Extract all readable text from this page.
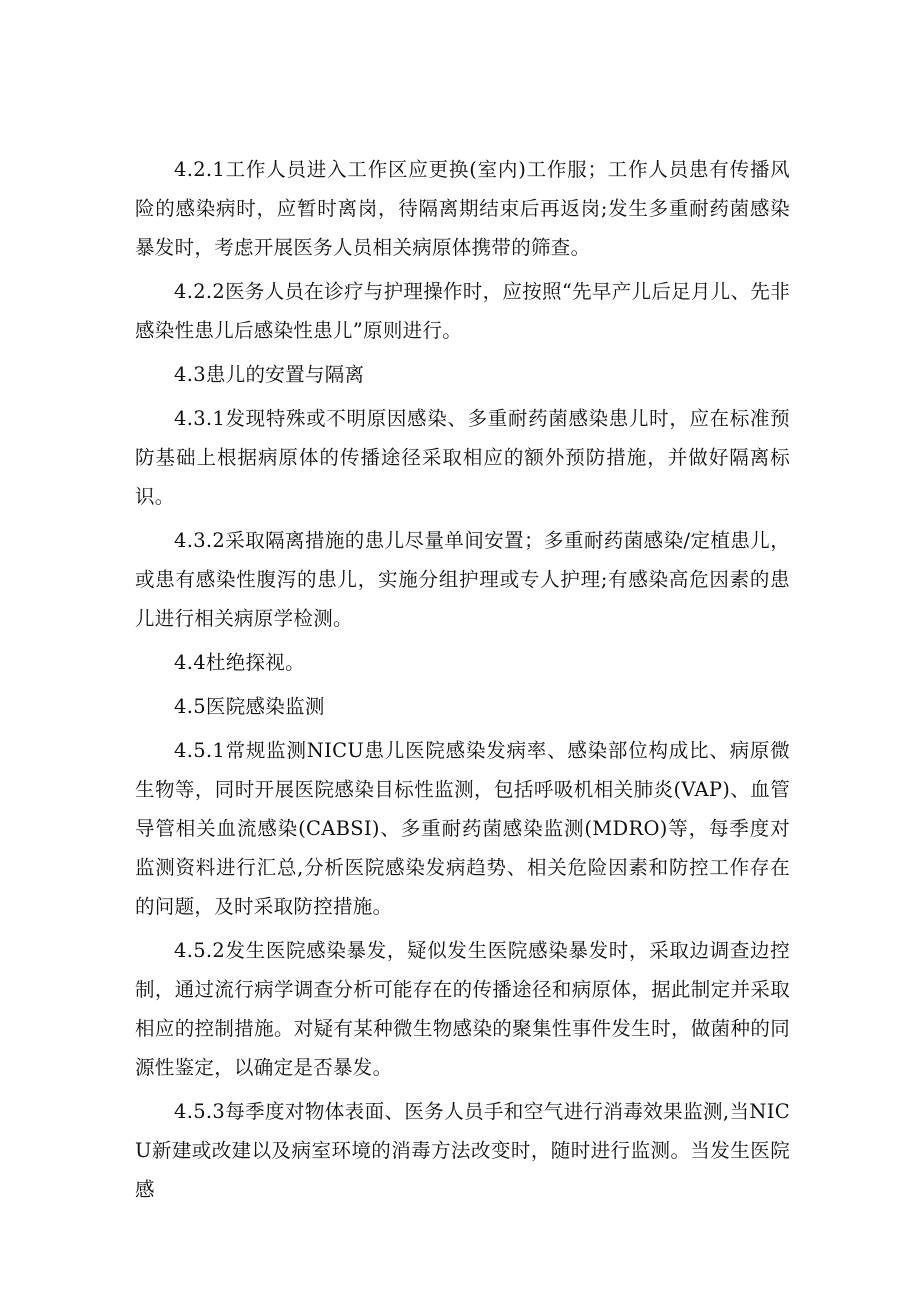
4.2.1工作人员进入工作区应更换(室内)工作服；工作人员患有传播风险的感染病时，应暂时离岗，待隔离期结束后再返岗;发生多重耐药菌感染暴发时，考虑开展医务人员相关病原体携带的筛查。

4.2.2医务人员在诊疗与护理操作时，应按照“先早产儿后足月儿、先非感染性患儿后感染性患儿”原则进行。

4.3患儿的安置与隔离

4.3.1发现特殊或不明原因感染、多重耐药菌感染患儿时，应在标准预防基础上根据病原体的传播途径采取相应的额外预防措施，并做好隔离标识。

4.3.2采取隔离措施的患儿尽量单间安置；多重耐药菌感染/定植患儿，或患有感染性腹泻的患儿，实施分组护理或专人护理;有感染高危因素的患儿进行相关病原学检测。

4.4杜绝探视。

4.5医院感染监测

4.5.1常规监测NICU患儿医院感染发病率、感染部位构成比、病原微生物等，同时开展医院感染目标性监测，包括呼吸机相关肺炎(VAP)、血管导管相关血流感染(CABSI)、多重耐药菌感染监测(MDRO)等，每季度对监测资料进行汇总,分析医院感染发病趋势、相关危险因素和防控工作存在的问题，及时采取防控措施。

4.5.2发生医院感染暴发，疑似发生医院感染暴发时，采取边调查边控制，通过流行病学调查分析可能存在的传播途径和病原体，据此制定并采取相应的控制措施。对疑有某种微生物感染的聚集性事件发生时，做菌种的同源性鉴定，以确定是否暴发。

4.5.3每季度对物体表面、医务人员手和空气进行消毒效果监测,当NICU新建或改建以及病室环境的消毒方法改变时，随时进行监测。当发生医院感
